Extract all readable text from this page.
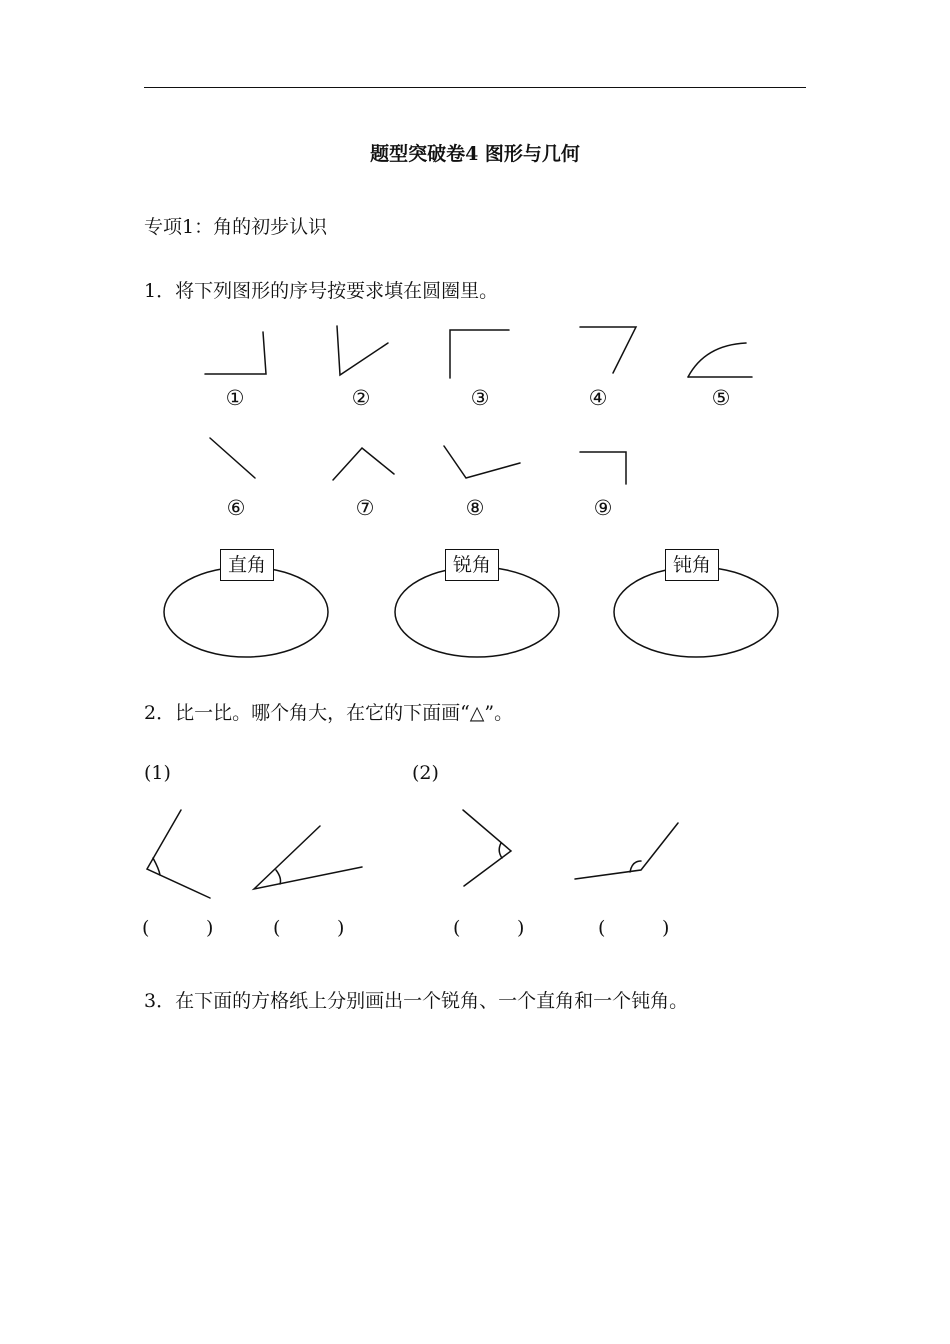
题型突破卷4 图形与几何
专项1：角的初步认识
1．将下列图形的序号按要求填在圆圈里。
①	②	③	④	⑤
⑥	⑦	⑧	⑨
直角	锐角	钝角
2．比一比。哪个角大，在它的下面画“△”。
(1)	(2)
(	)	(	)	(	)	(	)
3．在下面的方格纸上分别画出一个锐角、一个直角和一个钝角。
